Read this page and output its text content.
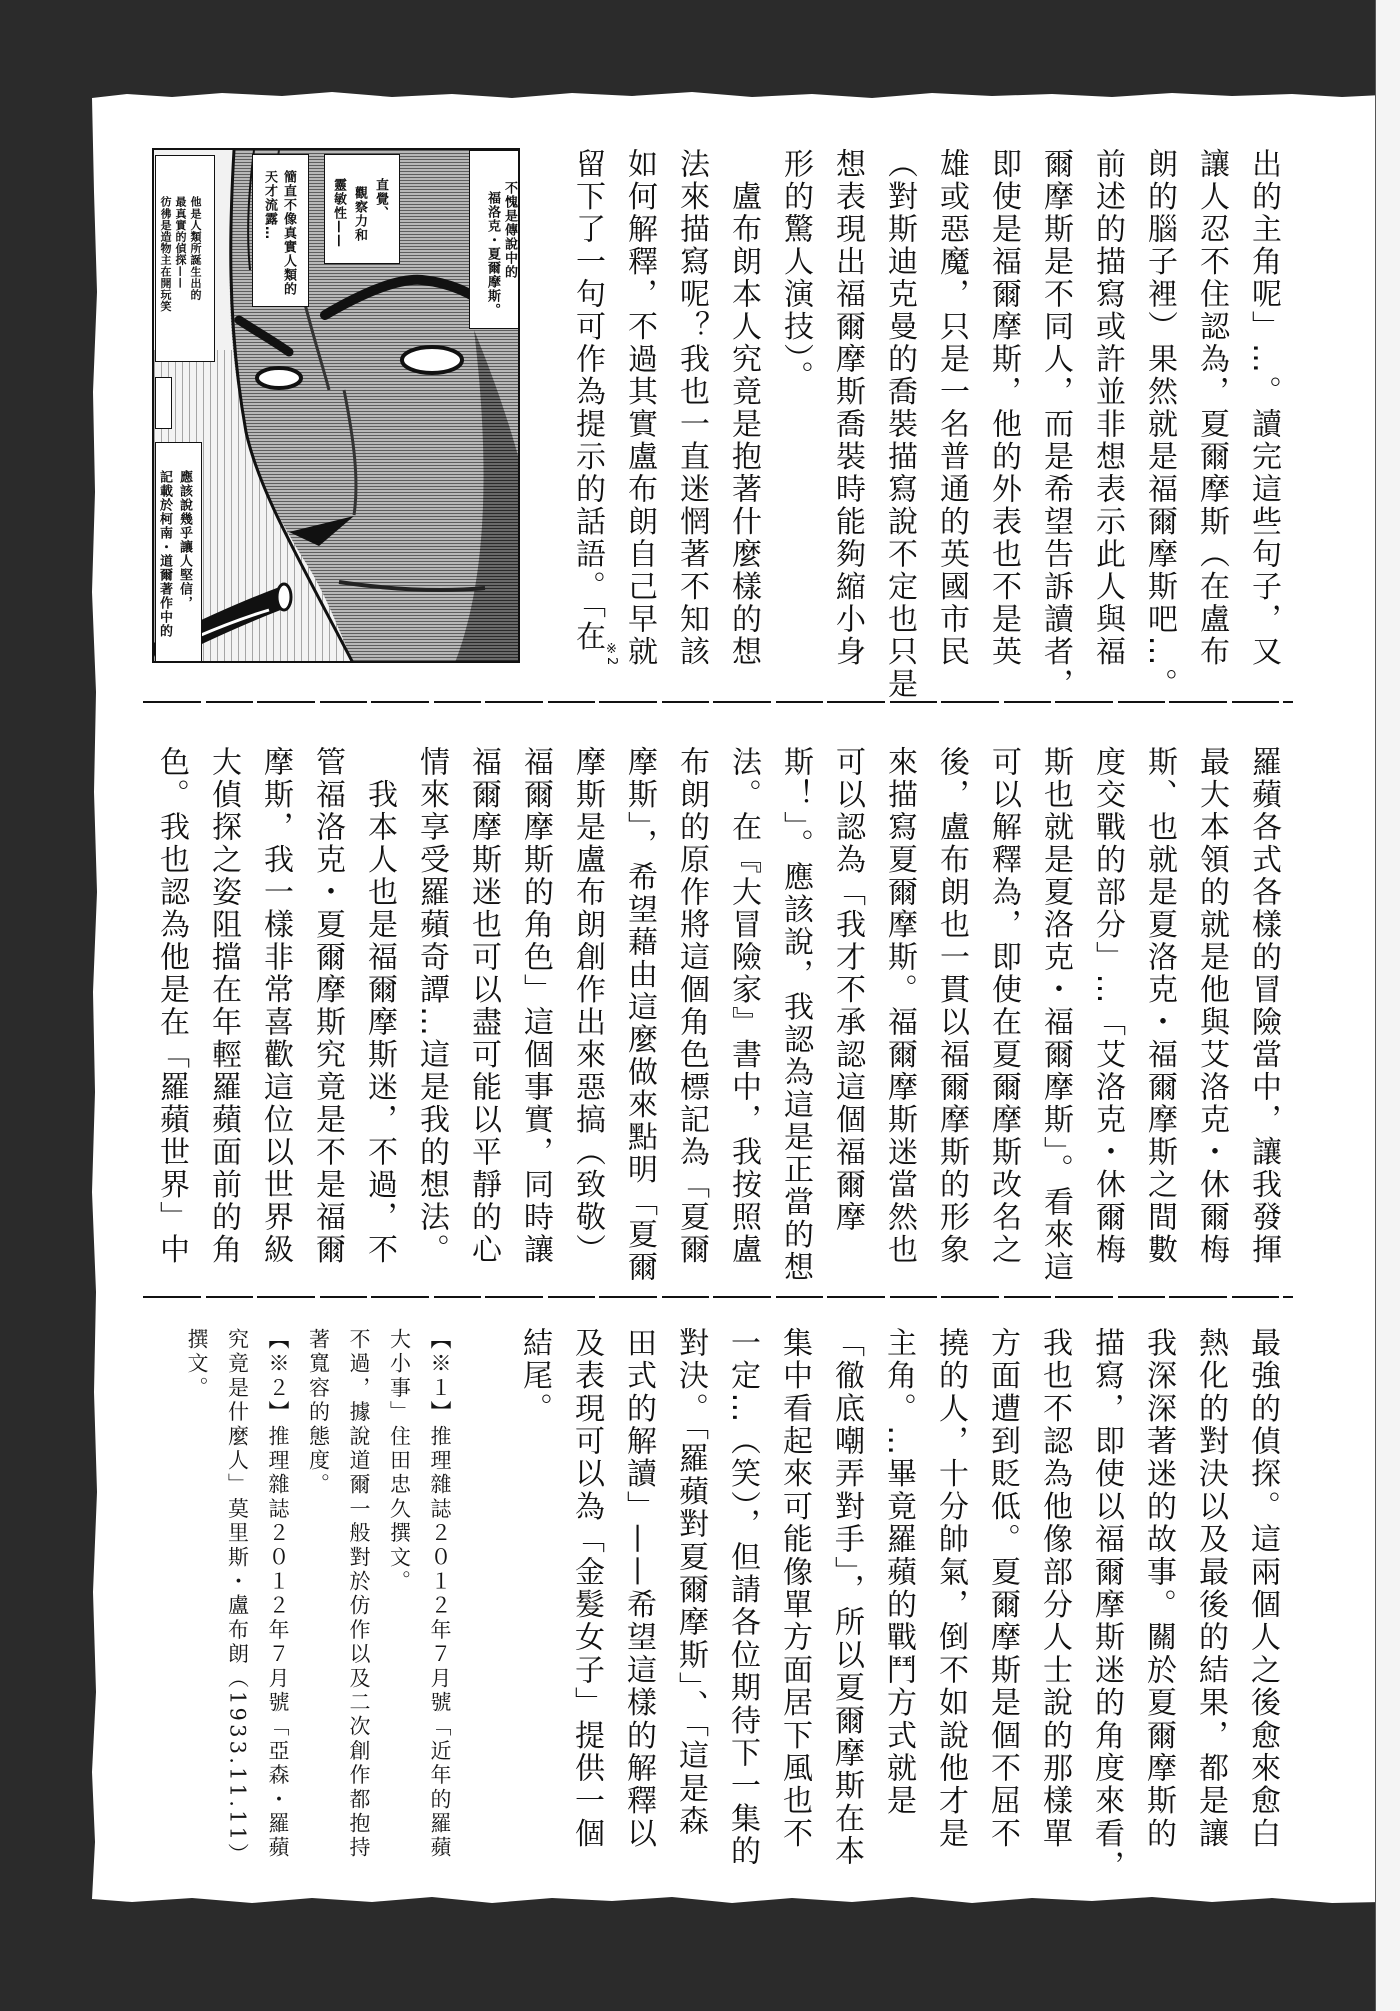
不愧是傳說中的
福洛克・夏爾摩斯。
直覺、
觀察力和
靈敏性——
簡直不像真實人類的
天才流露…
他是人類所誕生出的
最真實的偵探——
彷彿是造物主在開玩笑
應該說幾乎讓人堅信，
記載於柯南・道爾著作中的	出的主角呢」…。讀完這些句子，又
讓人忍不住認為，夏爾摩斯（在盧布
朗的腦子裡）果然就是福爾摩斯吧…。
前述的描寫或許並非想表示此人與福
爾摩斯是不同人，而是希望告訴讀者，
即使是福爾摩斯，他的外表也不是英
雄或惡魔，只是一名普通的英國市民
（對斯迪克曼的喬裝描寫說不定也只是
想表現出福爾摩斯喬裝時能夠縮小身
形的驚人演技）。
　盧布朗本人究竟是抱著什麼樣的想
法來描寫呢？我也一直迷惘著不知該
如何解釋，不過其實盧布朗自己早就
留下了一句可作為提示的話語。「在
※2
羅蘋各式各樣的冒險當中，讓我發揮
最大本領的就是他與艾洛克・休爾梅
斯、也就是夏洛克・福爾摩斯之間數
度交戰的部分」…「艾洛克・休爾梅
斯也就是夏洛克・福爾摩斯」。看來這
可以解釋為，即使在夏爾摩斯改名之
後，盧布朗也一貫以福爾摩斯的形象
來描寫夏爾摩斯。福爾摩斯迷當然也
可以認為「我才不承認這個福爾摩
斯！」。應該說，我認為這是正當的想
法。在『大冒險家』書中，我按照盧
布朗的原作將這個角色標記為「夏爾
摩斯」，希望藉由這麼做來點明「夏爾
摩斯是盧布朗創作出來惡搞（致敬）
福爾摩斯的角色」這個事實，同時讓
福爾摩斯迷也可以盡可能以平靜的心
情來享受羅蘋奇譚…這是我的想法。
　我本人也是福爾摩斯迷，不過，不
管福洛克・夏爾摩斯究竟是不是福爾
摩斯，我一樣非常喜歡這位以世界級
大偵探之姿阻擋在年輕羅蘋面前的角
色。我也認為他是在「羅蘋世界」中
最強的偵探。這兩個人之後愈來愈白
熱化的對決以及最後的結果，都是讓
我深深著迷的故事。關於夏爾摩斯的
描寫，即使以福爾摩斯迷的角度來看，
我也不認為他像部分人士說的那樣單
方面遭到貶低。夏爾摩斯是個不屈不
撓的人，十分帥氣，倒不如說他才是
主角。…畢竟羅蘋的戰鬥方式就是
「徹底嘲弄對手」，所以夏爾摩斯在本
集中看起來可能像單方面居下風也不
一定…（笑），但請各位期待下一集的
對決。「羅蘋對夏爾摩斯」、「這是森
田式的解讀」——希望這樣的解釋以
及表現可以為「金髮女子」提供一個
結尾。
【※１】推理雜誌２０１２年７月號「近年的羅蘋
大小事」住田忠久撰文。
不過，據說道爾一般對於仿作以及二次創作都抱持
著寬容的態度。
【※２】推理雜誌２０１２年７月號「亞森・羅蘋
究竟是什麼人」莫里斯・盧布朗（1933.11.11）
撰文。
